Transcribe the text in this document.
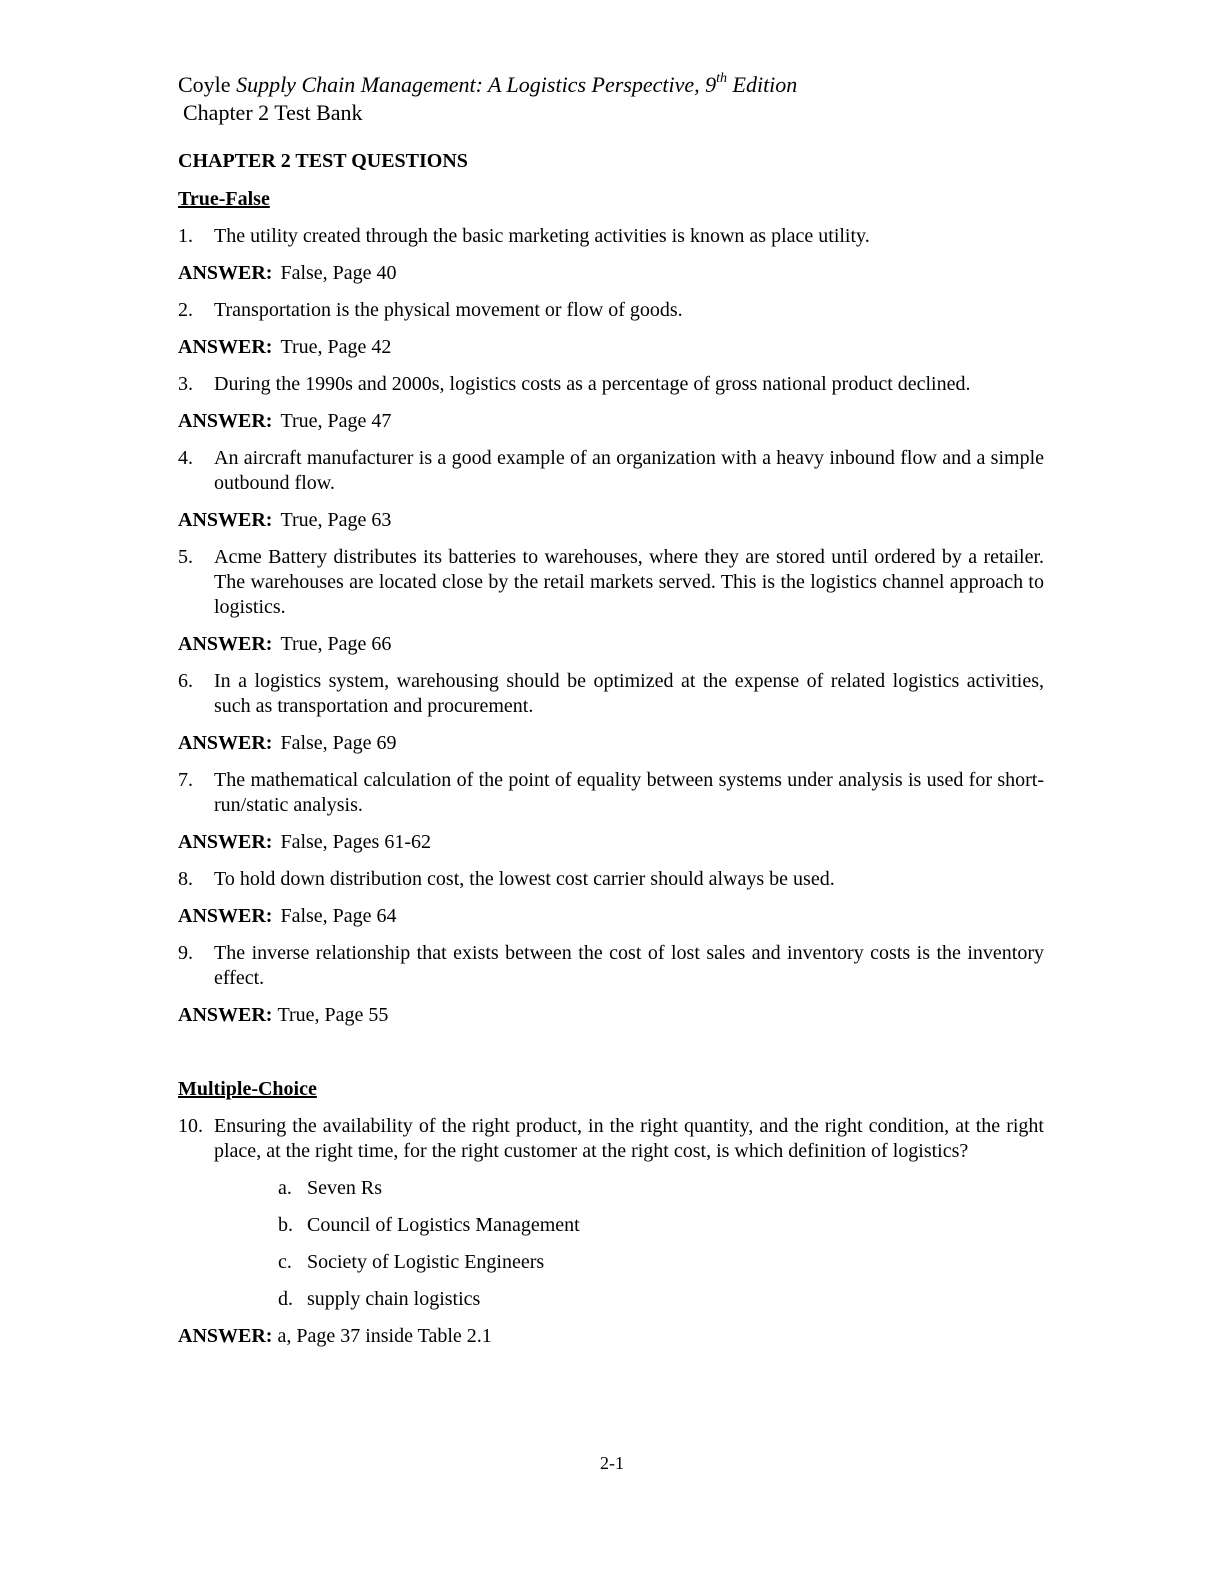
Coyle Supply Chain Management: A Logistics Perspective, 9th Edition

Chapter 2 Test Bank

CHAPTER 2 TEST QUESTIONS
True-False
1.	The utility created through the basic marketing activities is known as place utility.
ANSWER: False, Page 40
2.	Transportation is the physical movement or flow of goods.
ANSWER: True, Page 42
3.	During the 1990s and 2000s, logistics costs as a percentage of gross national product declined.
ANSWER: True, Page 47
4.	An aircraft manufacturer is a good example of an organization with a heavy inbound flow and a simple outbound flow.
ANSWER: True, Page 63
5.	Acme Battery distributes its batteries to warehouses, where they are stored until ordered by a retailer. The warehouses are located close by the retail markets served. This is the logistics channel approach to logistics.
ANSWER: True, Page 66
6.	In a logistics system, warehousing should be optimized at the expense of related logistics activities, such as transportation and procurement.
ANSWER: False, Page 69
7.	The mathematical calculation of the point of equality between systems under analysis is used for short-run/static analysis.
ANSWER: False, Pages 61-62
8.	To hold down distribution cost, the lowest cost carrier should always be used.
ANSWER: False, Page 64
9.	The inverse relationship that exists between the cost of lost sales and inventory costs is the inventory effect.
ANSWER: True, Page 55
Multiple-Choice
10. Ensuring the availability of the right product, in the right quantity, and the right condition, at the right place, at the right time, for the right customer at the right cost, is which definition of logistics?
a. Seven Rs
b. Council of Logistics Management
c. Society of Logistic Engineers
d. supply chain logistics
ANSWER: a, Page 37 inside Table 2.1
2-1
